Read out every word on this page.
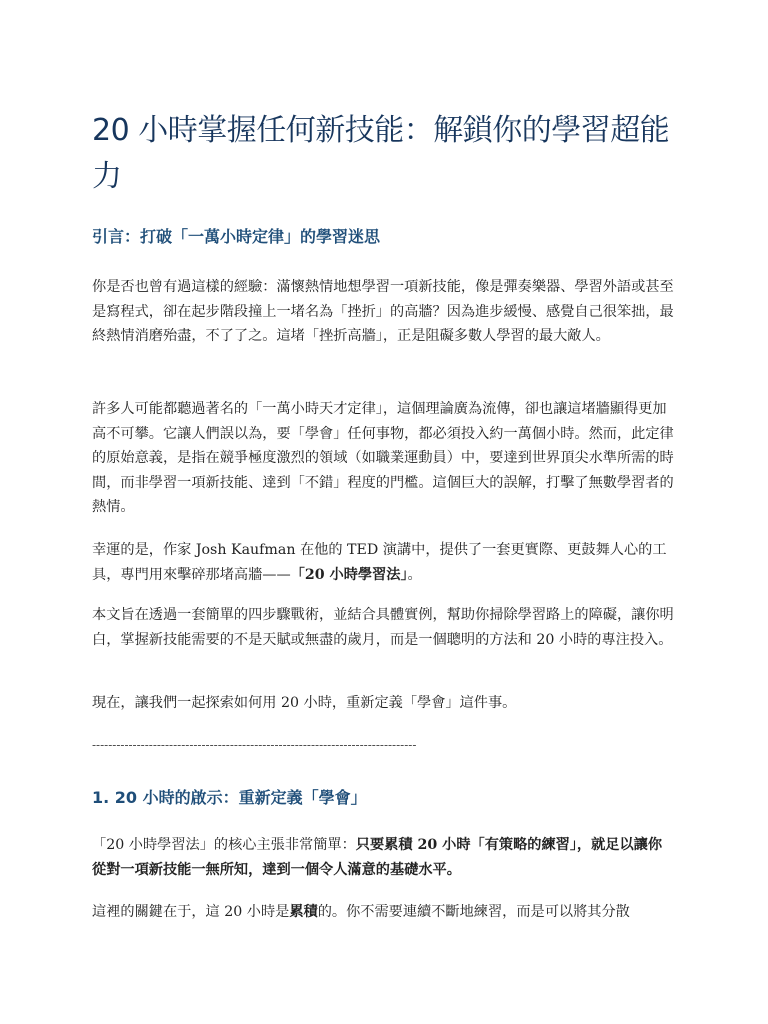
20 小時掌握任何新技能：解鎖你的學習超能力
引言：打破「一萬小時定律」的學習迷思

你是否也曾有過這樣的經驗：滿懷熱情地想學習一項新技能，像是彈奏樂器、學習外語或甚至是寫程式，卻在起步階段撞上一堵名為「挫折」的高牆？因為進步緩慢、感覺自己很笨拙，最終熱情消磨殆盡，不了了之。這堵「挫折高牆」，正是阻礙多數人學習的最大敵人。

許多人可能都聽過著名的「一萬小時天才定律」，這個理論廣為流傳，卻也讓這堵牆顯得更加高不可攀。它讓人們誤以為，要「學會」任何事物，都必須投入約一萬個小時。然而，此定律的原始意義，是指在競爭極度激烈的領域（如職業運動員）中，要達到世界頂尖水準所需的時間，而非學習一項新技能、達到「不錯」程度的門檻。這個巨大的誤解，打擊了無數學習者的熱情。

幸運的是，作家 Josh Kaufman 在他的 TED 演講中，提供了一套更實際、更鼓舞人心的工具，專門用來擊碎那堵高牆——「20 小時學習法」。

本文旨在透過一套簡單的四步驟戰術，並結合具體實例，幫助你掃除學習路上的障礙，讓你明白，掌握新技能需要的不是天賦或無盡的歲月，而是一個聰明的方法和 20 小時的專注投入。

現在，讓我們一起探索如何用 20 小時，重新定義「學會」這件事。

--------------------------------------------------------------------------------
1. 20 小時的啟示：重新定義「學會」

「20 小時學習法」的核心主張非常簡單：只要累積 20 小時「有策略的練習」，就足以讓你從對一項新技能一無所知，達到一個令人滿意的基礎水平。

這裡的關鍵在于，這 20 小時是累積的。你不需要連續不斷地練習，而是可以將其分散
